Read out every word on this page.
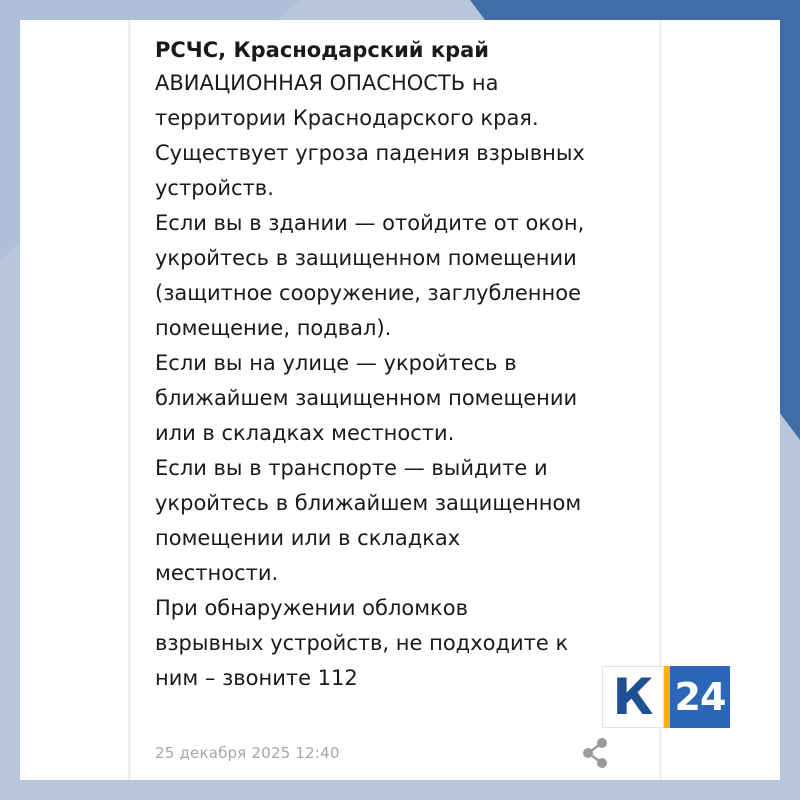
РСЧС, Краснодарский край

АВИАЦИОННАЯ ОПАСНОСТЬ на

территории Краснодарского края.

Существует угроза падения взрывных

устройств.

Если вы в здании — отойдите от окон,

укройтесь в защищенном помещении

(защитное сооружение, заглубленное

помещение, подвал).

Если вы на улице — укройтесь в

ближайшем защищенном помещении

или в складках местности.

Если вы в транспорте — выйдите и

укройтесь в ближайшем защищенном

помещении или в складках

местности.

При обнаружении обломков

взрывных устройств, не подходите к

ним – звоните 112

25 декабря 2025 12:40
К 24
